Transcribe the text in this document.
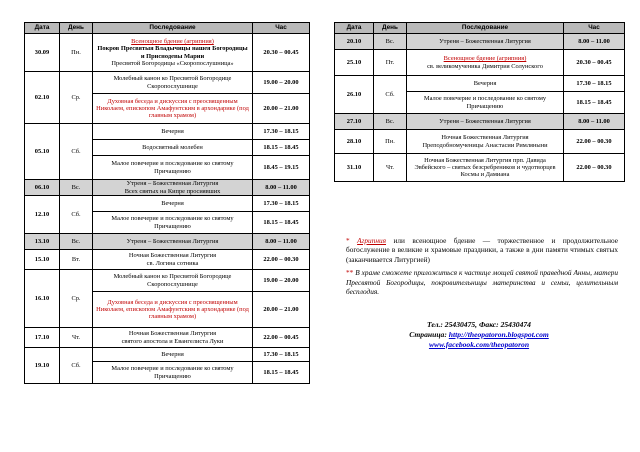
Дата	День	Последование	Час
30.09	Пн.	Всенощное бдение (агрипния)
Покров Пресвятыя Владычицы нашея Богородицы и Приснодевы Марии
Пресвятой Богородицы «Скоропослушница»	20.30 – 00.45
02.10	Ср.	Молебный канон ко Пресвятой Богородице Скоропослушнице	19.00 – 20.00

		Духовная беседа и дискуссия с преосвященным Николаем, епископом Амафунтским в архондарике (под главным храмом)	20.00 – 21.00
05.10	Сб.	Вечерня	17.30 – 18.15

		Водосвятный молебен	18.15 – 18.45

		Малое повечерие и последование ко святому Причащению	18.45 – 19.15
06.10	Вс.	Утреня – Божественная Литургия
Всех святых на Кипре просиявших	8.00 – 11.00
12.10	Сб.	Вечерня	17.30 – 18.15

		Малое повечерие и последование ко святому Причащению	18.15 – 18.45
13.10	Вс.	Утреня – Божественная Литургия	8.00 – 11.00
15.10	Вт.	Ночная Божественная Литургия
св. Логина сотника	22.00 – 00.30
16.10	Ср.	Молебный канон ко Пресвятой Богородице Скоропослушнице	19.00 – 20.00

		Духовная беседа и дискуссия с преосвященным Николаем, епископом Амафунтским в архондарике (под главным храмом)	20.00 – 21.00
17.10	Чт.	Ночная Божественная Литургия
святого апостола и Евангелиста Луки	22.00 – 00.45
19.10	Сб.	Вечерня	17.30 – 18.15

		Малое повечерие и последование ко святому Причащению	18.15 – 18.45
Дата	День	Последование	Час
20.10	Вс.	Утреня – Божественная Литургия	8.00 – 11.00
25.10	Пт.	Всенощное бдение (агрипния)
св. великомученика Димитрия Солунского	20.30 – 00.45
26.10	Сб.	Вечерня	17.30 – 18.15

		Малое повечерие и последование ко святому Причащению	18.15 – 18.45
27.10	Вс.	Утреня – Божественная Литургия	8.00 – 11.00
28.10	Пн.	Ночная Божественная Литургия
Преподобномученицы Анастасии Римляныни	22.00 – 00.30
31.10	Чт.	Ночная Божественная Литургия прп. Давида Эвбейского – святых безсребреников и чудотворцев Космы и Дамиана	22.00 – 00.30

* Агрипния или всенощное бдение — торжественное и продолжительное богослужение в великие и храмовые праздники, а также в дни памяти чтимых святых (заканчивается Литургией)

** В храме сможете приложиться к частице мощей святой праведной Анны, матери Пресвятой Богородицы, покровительницы материнства и семьи, целительным бесплодия.

Тел.: 25430475, Факс: 25430474
Страница: http://theopatoron.blogspot.com
www.facebook.com/theopatoron
